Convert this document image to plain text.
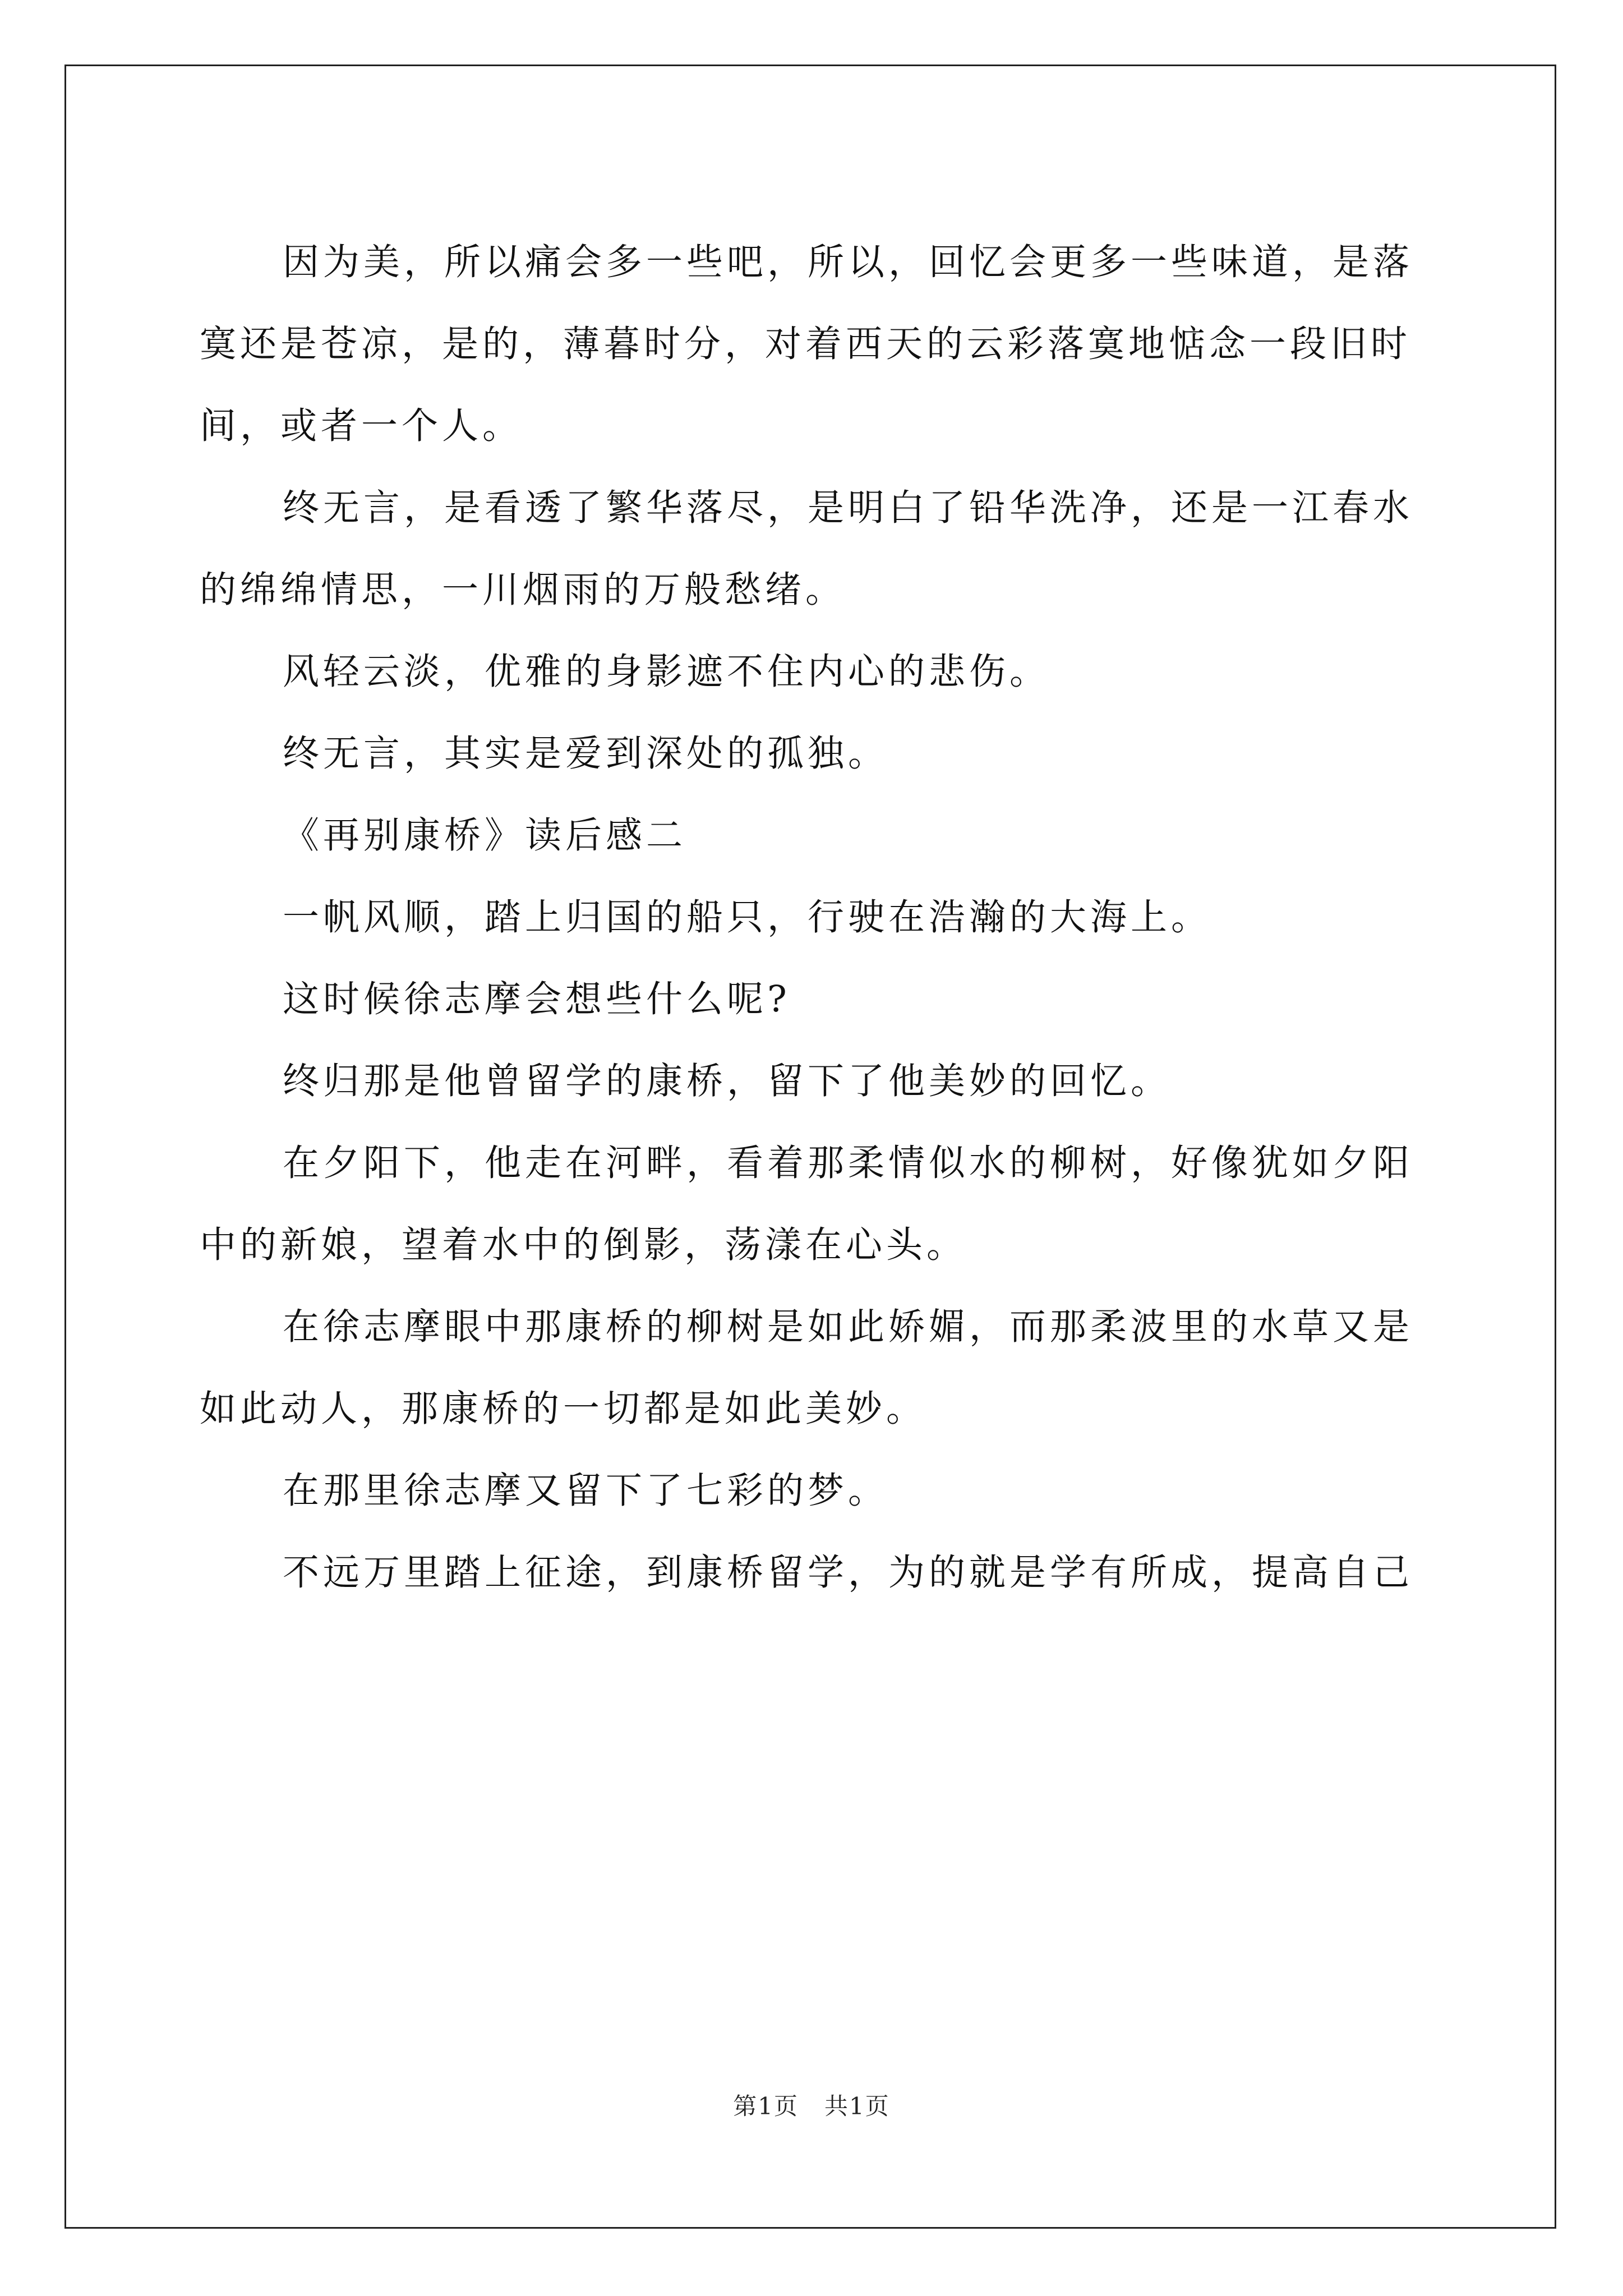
因为美，所以痛会多一些吧，所以，回忆会更多一些味道，是落寞还是苍凉，是的，薄暮时分，对着西天的云彩落寞地惦念一段旧时间，或者一个人。

终无言，是看透了繁华落尽，是明白了铅华洗净，还是一江春水的绵绵情思，一川烟雨的万般愁绪。

风轻云淡，优雅的身影遮不住内心的悲伤。

终无言，其实是爱到深处的孤独。

《再别康桥》读后感二

一帆风顺，踏上归国的船只，行驶在浩瀚的大海上。

这时候徐志摩会想些什么呢?

终归那是他曾留学的康桥，留下了他美妙的回忆。

在夕阳下，他走在河畔，看着那柔情似水的柳树，好像犹如夕阳中的新娘，望着水中的倒影，荡漾在心头。

在徐志摩眼中那康桥的柳树是如此娇媚，而那柔波里的水草又是如此动人，那康桥的一切都是如此美妙。

在那里徐志摩又留下了七彩的梦。

不远万里踏上征途，到康桥留学，为的就是学有所成，提高自己

第1页 共1页
